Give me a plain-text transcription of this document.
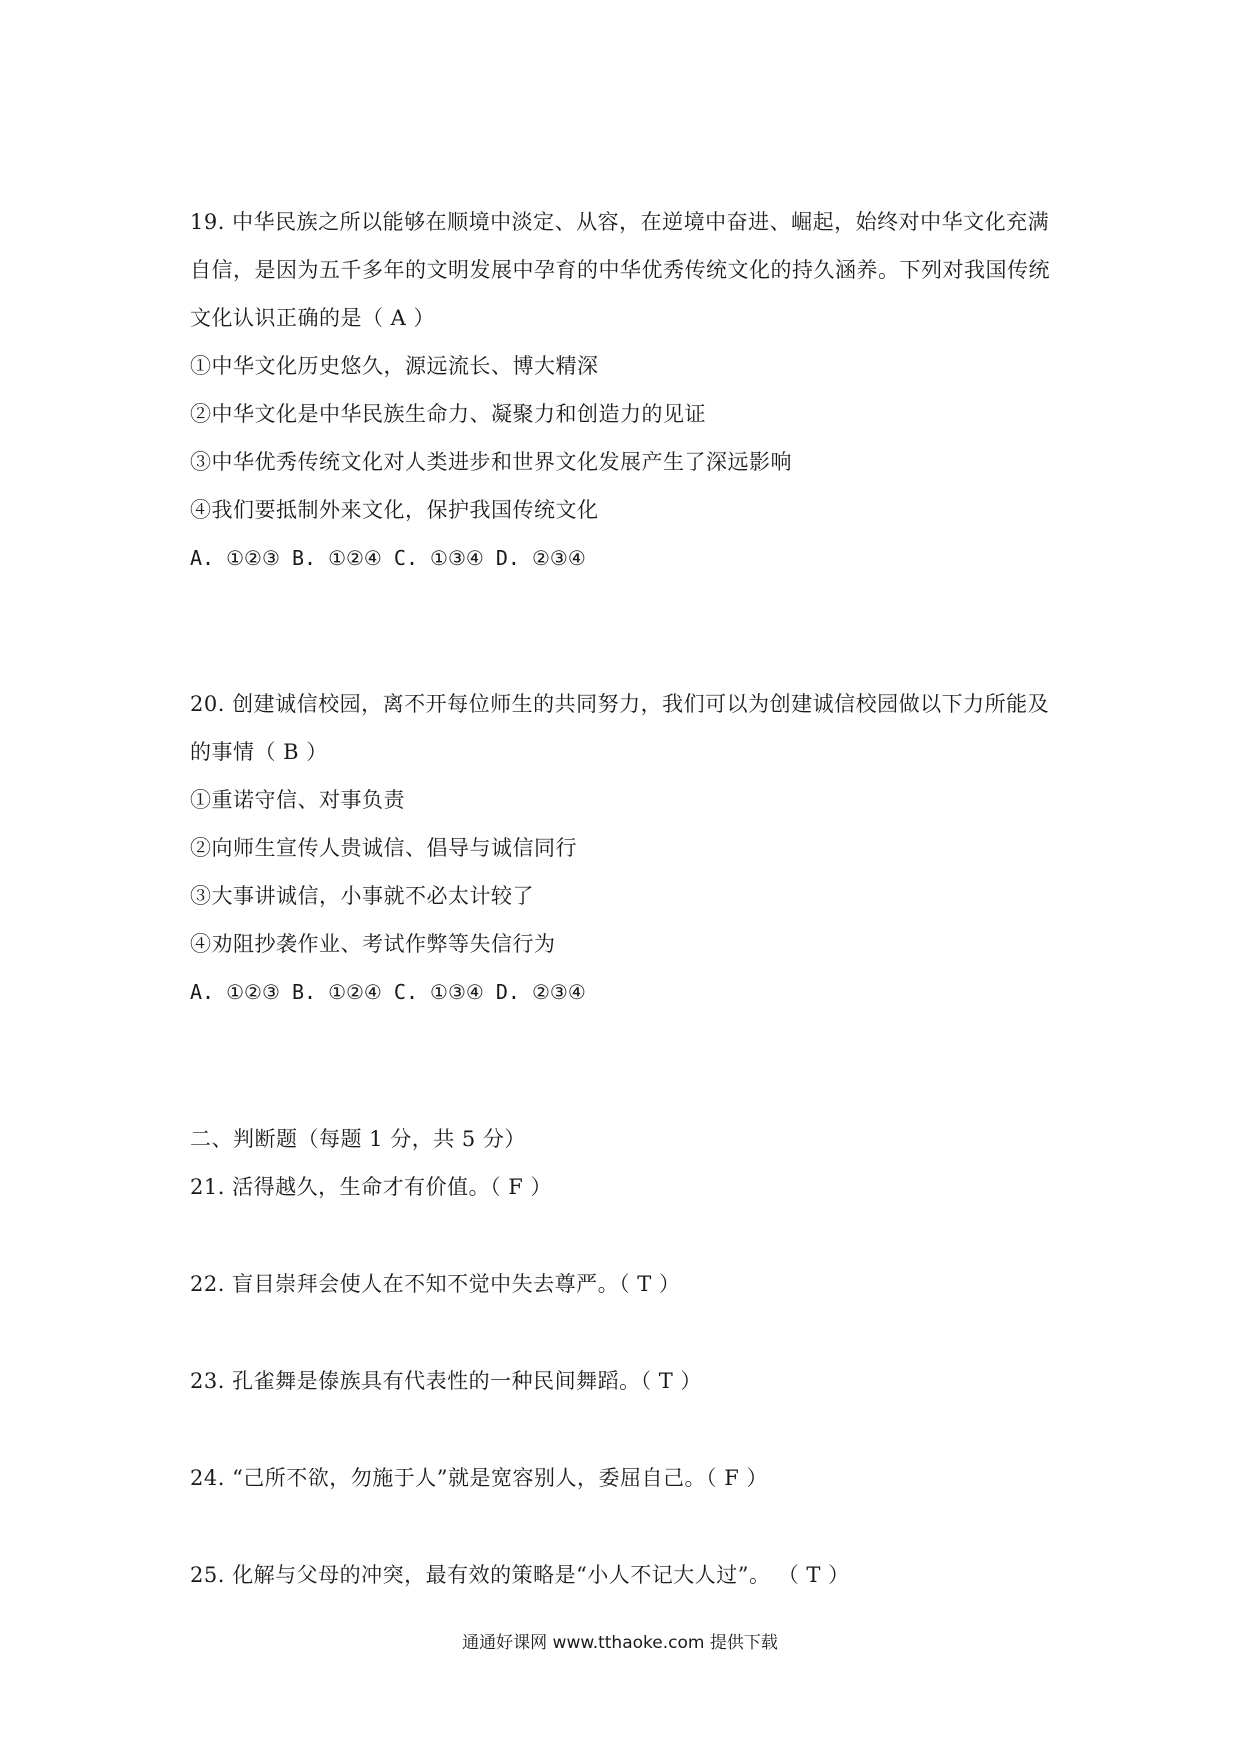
19. 中华民族之所以能够在顺境中淡定、从容，在逆境中奋进、崛起，始终对中华文化充满
自信，是因为五千多年的文明发展中孕育的中华优秀传统文化的持久涵养。下列对我国传统
文化认识正确的是（ A ）
①中华文化历史悠久，源远流长、博大精深
②中华文化是中华民族生命力、凝聚力和创造力的见证
③中华优秀传统文化对人类进步和世界文化发展产生了深远影响
④我们要抵制外来文化，保护我国传统文化
A. ①②③ B. ①②④ C. ①③④ D. ②③④
20. 创建诚信校园，离不开每位师生的共同努力，我们可以为创建诚信校园做以下力所能及
的事情（ B ）
①重诺守信、对事负责
②向师生宣传人贵诚信、倡导与诚信同行
③大事讲诚信，小事就不必太计较了
④劝阻抄袭作业、考试作弊等失信行为
A. ①②③ B. ①②④ C. ①③④ D. ②③④
二、判断题（每题 1 分，共 5 分）
21. 活得越久，生命才有价值。（ F ）
22. 盲目崇拜会使人在不知不觉中失去尊严。（ T ）
23. 孔雀舞是傣族具有代表性的一种民间舞蹈。（ T ）
24. “己所不欲，勿施于人”就是宽容别人，委屈自己。（ F ）
25. 化解与父母的冲突，最有效的策略是“小人不记大人过”。 （ T ）
通通好课网 www.tthaoke.com 提供下载
